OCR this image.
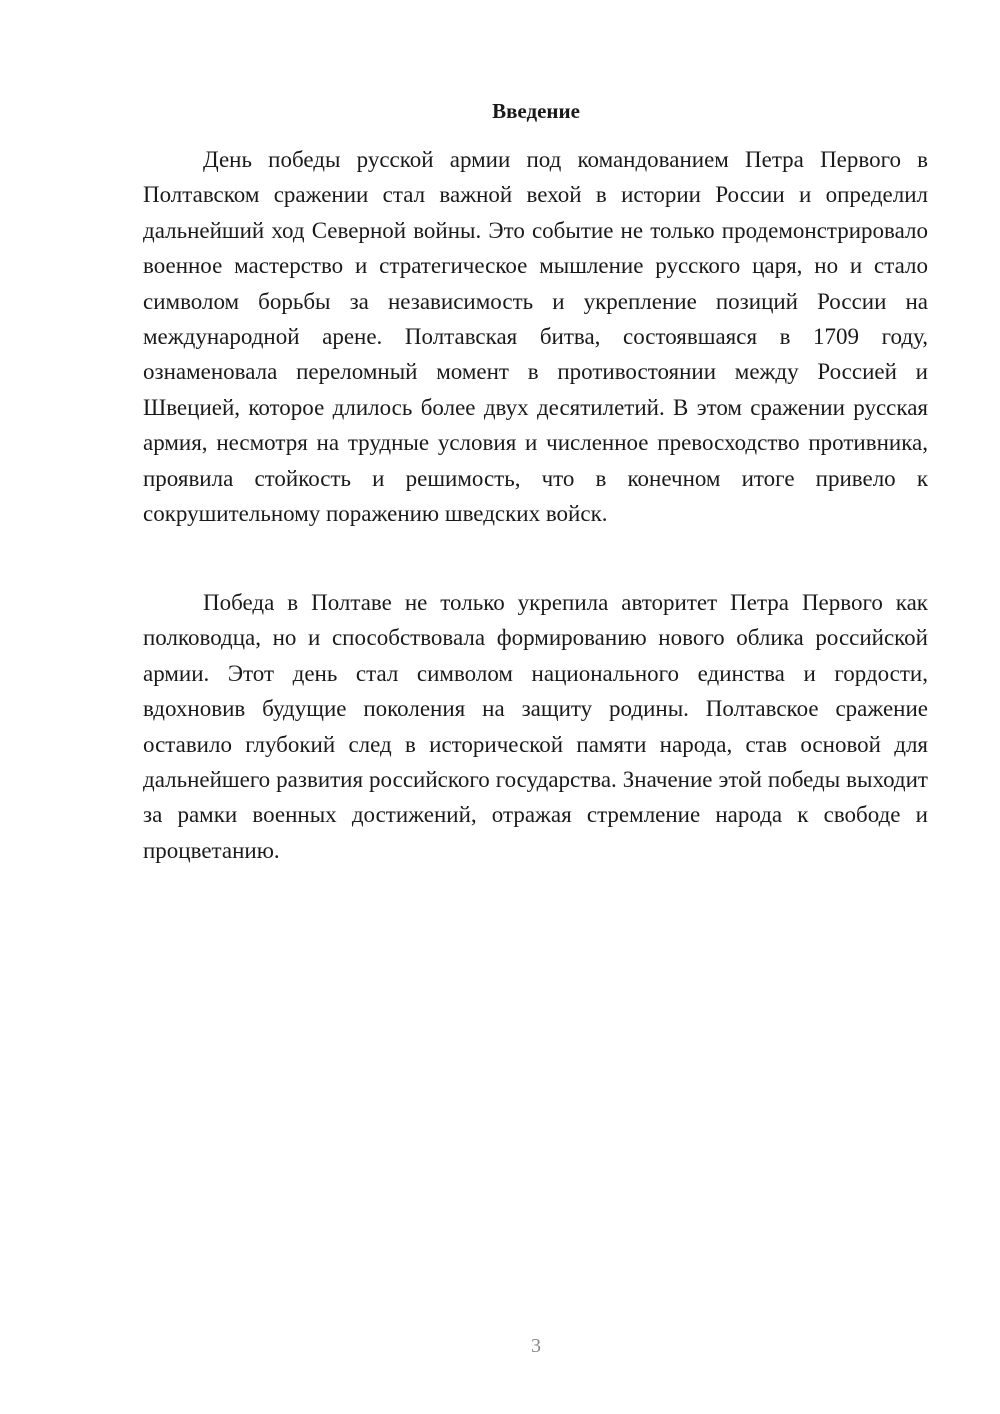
Введение

День победы русской армии под командованием Петра Первого в Полтавском сражении стал важной вехой в истории России и определил дальнейший ход Северной войны. Это событие не только продемонстрировало военное мастерство и стратегическое мышление русского царя, но и стало символом борьбы за независимость и укрепление позиций России на международной арене. Полтавская битва, состоявшаяся в 1709 году, ознаменовала переломный момент в противостоянии между Россией и Швецией, которое длилось более двух десятилетий. В этом сражении русская армия, несмотря на трудные условия и численное превосходство противника, проявила стойкость и решимость, что в конечном итоге привело к сокрушительному поражению шведских войск.

Победа в Полтаве не только укрепила авторитет Петра Первого как полководца, но и способствовала формированию нового облика российской армии. Этот день стал символом национального единства и гордости, вдохновив будущие поколения на защиту родины. Полтавское сражение оставило глубокий след в исторической памяти народа, став основой для дальнейшего развития российского государства. Значение этой победы выходит за рамки военных достижений, отражая стремление народа к свободе и процветанию.

3
